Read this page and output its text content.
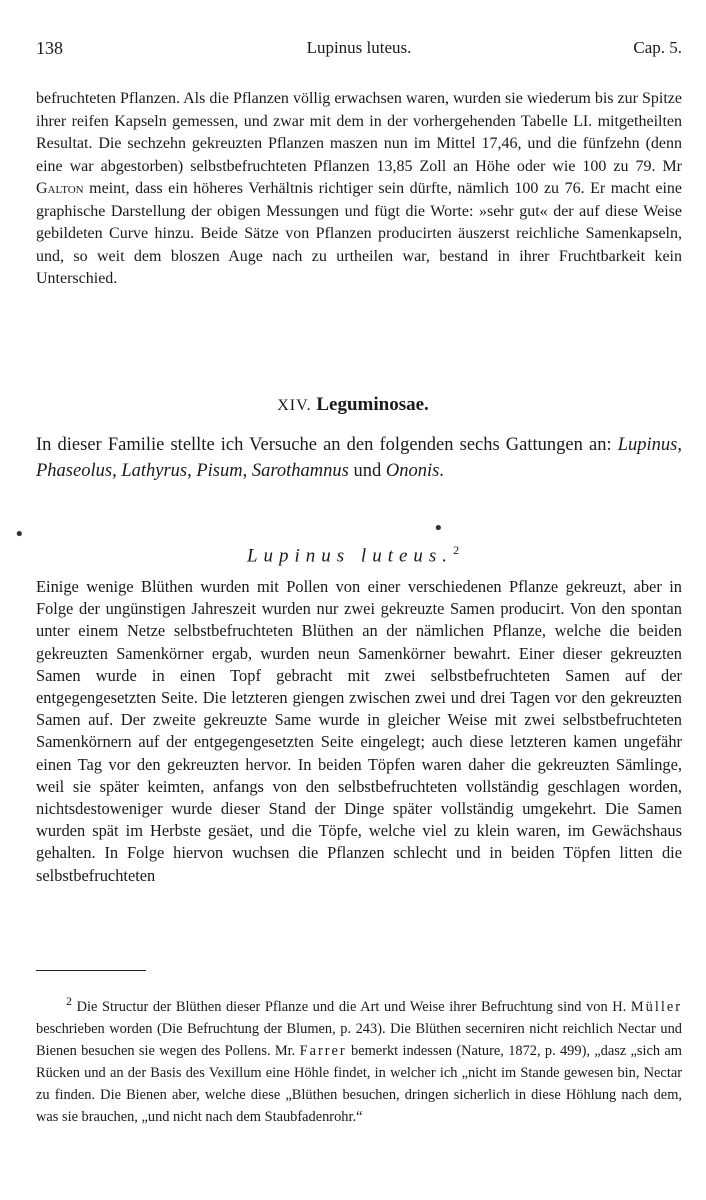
138	Lupinus luteus.	Cap. 5.

befruchteten Pflanzen. Als die Pflanzen völlig erwachsen waren, wurden sie wiederum bis zur Spitze ihrer reifen Kapseln gemessen, und zwar mit dem in der vorhergehenden Tabelle LI. mitgetheilten Resultat. Die sechzehn gekreuzten Pflanzen maszen nun im Mittel 17,46, und die fünfzehn (denn eine war abgestorben) selbstbefruchteten Pflanzen 13,85 Zoll an Höhe oder wie 100 zu 79. Mr Galton meint, dass ein höheres Verhältnis richtiger sein dürfte, nämlich 100 zu 76. Er macht eine graphische Darstellung der obigen Messungen und fügt die Worte: »sehr gut« der auf diese Weise gebildeten Curve hinzu. Beide Sätze von Pflanzen producirten äuszerst reichliche Samenkapseln, und, so weit dem bloszen Auge nach zu urtheilen war, bestand in ihrer Fruchtbarkeit kein Unterschied.

XIV. Leguminosae.

In dieser Familie stellte ich Versuche an den folgenden sechs Gattungen an: Lupinus, Phaseolus, Lathyrus, Pisum, Sarothamnus und Ononis.

•	•
Lupinus luteus.$^2$

Einige wenige Blüthen wurden mit Pollen von einer verschiedenen Pflanze gekreuzt, aber in Folge der ungünstigen Jahreszeit wurden nur zwei gekreuzte Samen producirt. Von den spontan unter einem Netze selbstbefruchteten Blüthen an der nämlichen Pflanze, welche die beiden gekreuzten Samenkörner ergab, wurden neun Samenkörner bewahrt. Einer dieser gekreuzten Samen wurde in einen Topf gebracht mit zwei selbstbefruchteten Samen auf der entgegengesetzten Seite. Die letzteren giengen zwischen zwei und drei Tagen vor den gekreuzten Samen auf. Der zweite gekreuzte Same wurde in gleicher Weise mit zwei selbstbefruchteten Samenkörnern auf der entgegengesetzten Seite eingelegt; auch diese letzteren kamen ungefähr einen Tag vor den gekreuzten hervor. In beiden Töpfen waren daher die gekreuzten Sämlinge, weil sie später keimten, anfangs von den selbstbefruchteten vollständig geschlagen worden, nichtsdestoweniger wurde dieser Stand der Dinge später vollständig umgekehrt. Die Samen wurden spät im Herbste gesäet, und die Töpfe, welche viel zu klein waren, im Gewächshaus gehalten. In Folge hiervon wuchsen die Pflanzen schlecht und in beiden Töpfen litten die selbstbefruchteten

$^2$ Die Structur der Blüthen dieser Pflanze und die Art und Weise ihrer Befruchtung sind von H. Müller beschrieben worden (Die Befruchtung der Blumen, p. 243). Die Blüthen secerniren nicht reichlich Nectar und Bienen besuchen sie wegen des Pollens. Mr. Farrer bemerkt indessen (Nature, 1872, p. 499), „dasz „sich am Rücken und an der Basis des Vexillum eine Höhle findet, in welcher ich „nicht im Stande gewesen bin, Nectar zu finden. Die Bienen aber, welche diese „Blüthen besuchen, dringen sicherlich in diese Höhlung nach dem, was sie brauchen, „und nicht nach dem Staubfadenrohr.“
